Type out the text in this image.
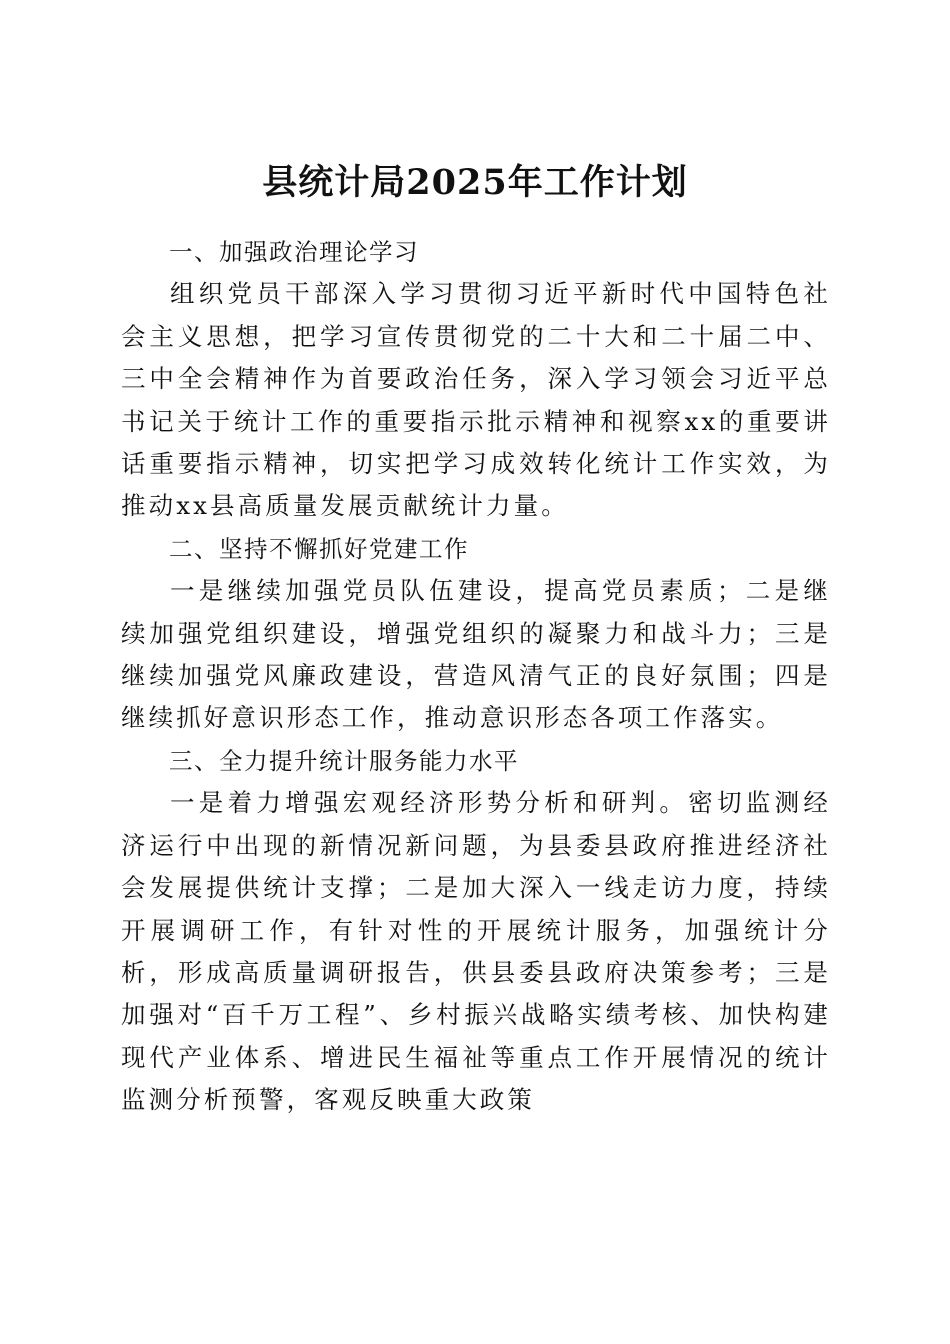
县统计局2025年工作计划

一、加强政治理论学习

组织党员干部深入学习贯彻习近平新时代中国特色社会主义思想，把学习宣传贯彻党的二十大和二十届二中、三中全会精神作为首要政治任务，深入学习领会习近平总书记关于统计工作的重要指示批示精神和视察xx的重要讲话重要指示精神，切实把学习成效转化统计工作实效，为推动xx县高质量发展贡献统计力量。

二、坚持不懈抓好党建工作

一是继续加强党员队伍建设，提高党员素质；二是继续加强党组织建设，增强党组织的凝聚力和战斗力；三是继续加强党风廉政建设，营造风清气正的良好氛围；四是继续抓好意识形态工作，推动意识形态各项工作落实。

三、全力提升统计服务能力水平

一是着力增强宏观经济形势分析和研判。密切监测经济运行中出现的新情况新问题，为县委县政府推进经济社会发展提供统计支撑；二是加大深入一线走访力度，持续开展调研工作，有针对性的开展统计服务，加强统计分析，形成高质量调研报告，供县委县政府决策参考；三是加强对“百千万工程”、乡村振兴战略实绩考核、加快构建现代产业体系、增进民生福祉等重点工作开展情况的统计监测分析预警，客观反映重大政策
